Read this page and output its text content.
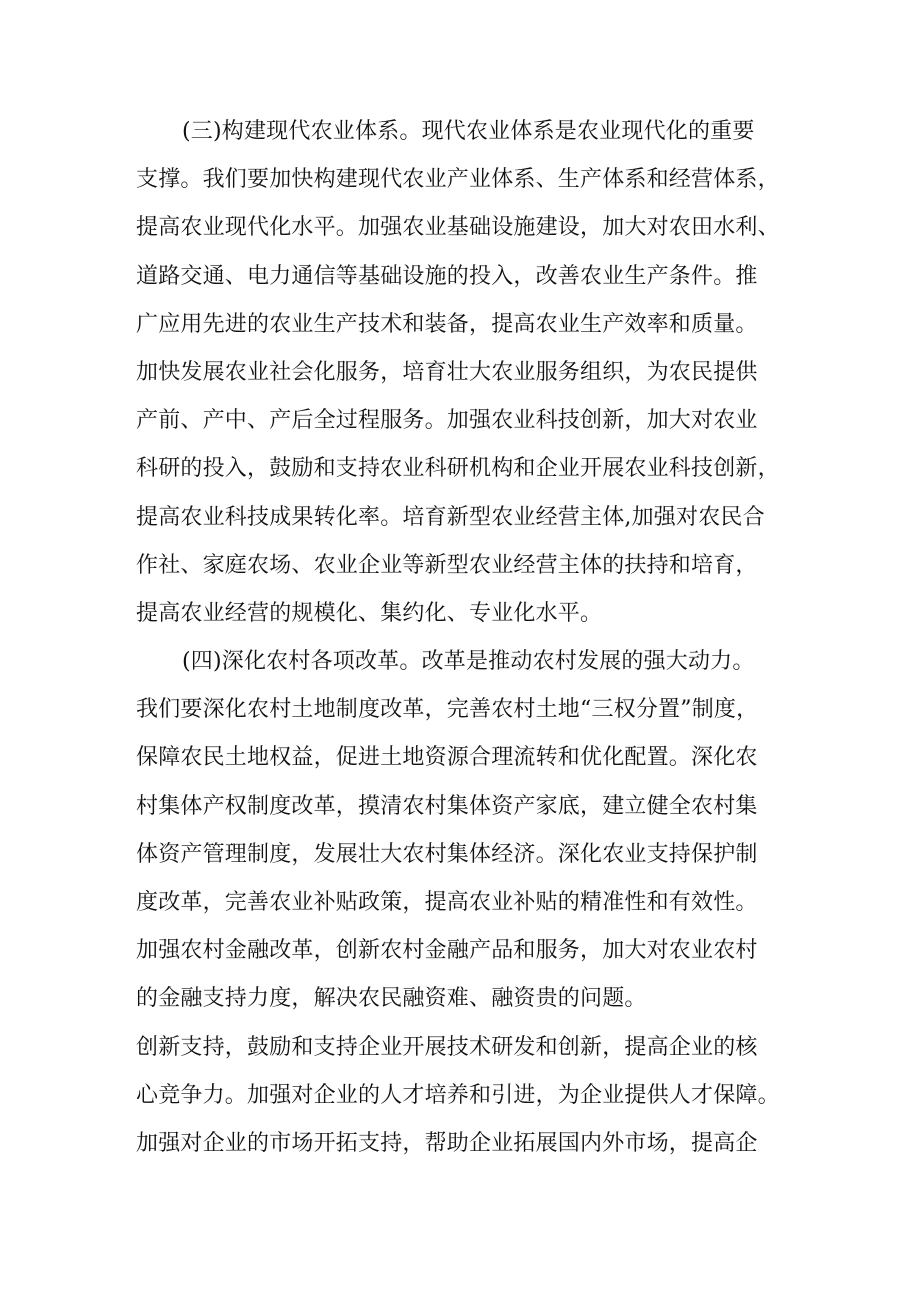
(三)构建现代农业体系。现代农业体系是农业现代化的重要
支撑。我们要加快构建现代农业产业体系、生产体系和经营体系，
提高农业现代化水平。加强农业基础设施建设，加大对农田水利、
道路交通、电力通信等基础设施的投入，改善农业生产条件。推
广应用先进的农业生产技术和装备，提高农业生产效率和质量。
加快发展农业社会化服务，培育壮大农业服务组织，为农民提供
产前、产中、产后全过程服务。加强农业科技创新，加大对农业
科研的投入，鼓励和支持农业科研机构和企业开展农业科技创新，
提高农业科技成果转化率。培育新型农业经营主体,加强对农民合
作社、家庭农场、农业企业等新型农业经营主体的扶持和培育，
提高农业经营的规模化、集约化、专业化水平。
(四)深化农村各项改革。改革是推动农村发展的强大动力。
我们要深化农村土地制度改革，完善农村土地“三权分置”制度，
保障农民土地权益，促进土地资源合理流转和优化配置。深化农
村集体产权制度改革，摸清农村集体资产家底，建立健全农村集
体资产管理制度，发展壮大农村集体经济。深化农业支持保护制
度改革，完善农业补贴政策，提高农业补贴的精准性和有效性。
加强农村金融改革，创新农村金融产品和服务，加大对农业农村
的金融支持力度，解决农民融资难、融资贵的问题。
创新支持，鼓励和支持企业开展技术研发和创新，提高企业的核
心竞争力。加强对企业的人才培养和引进，为企业提供人才保障。
加强对企业的市场开拓支持，帮助企业拓展国内外市场，提高企
